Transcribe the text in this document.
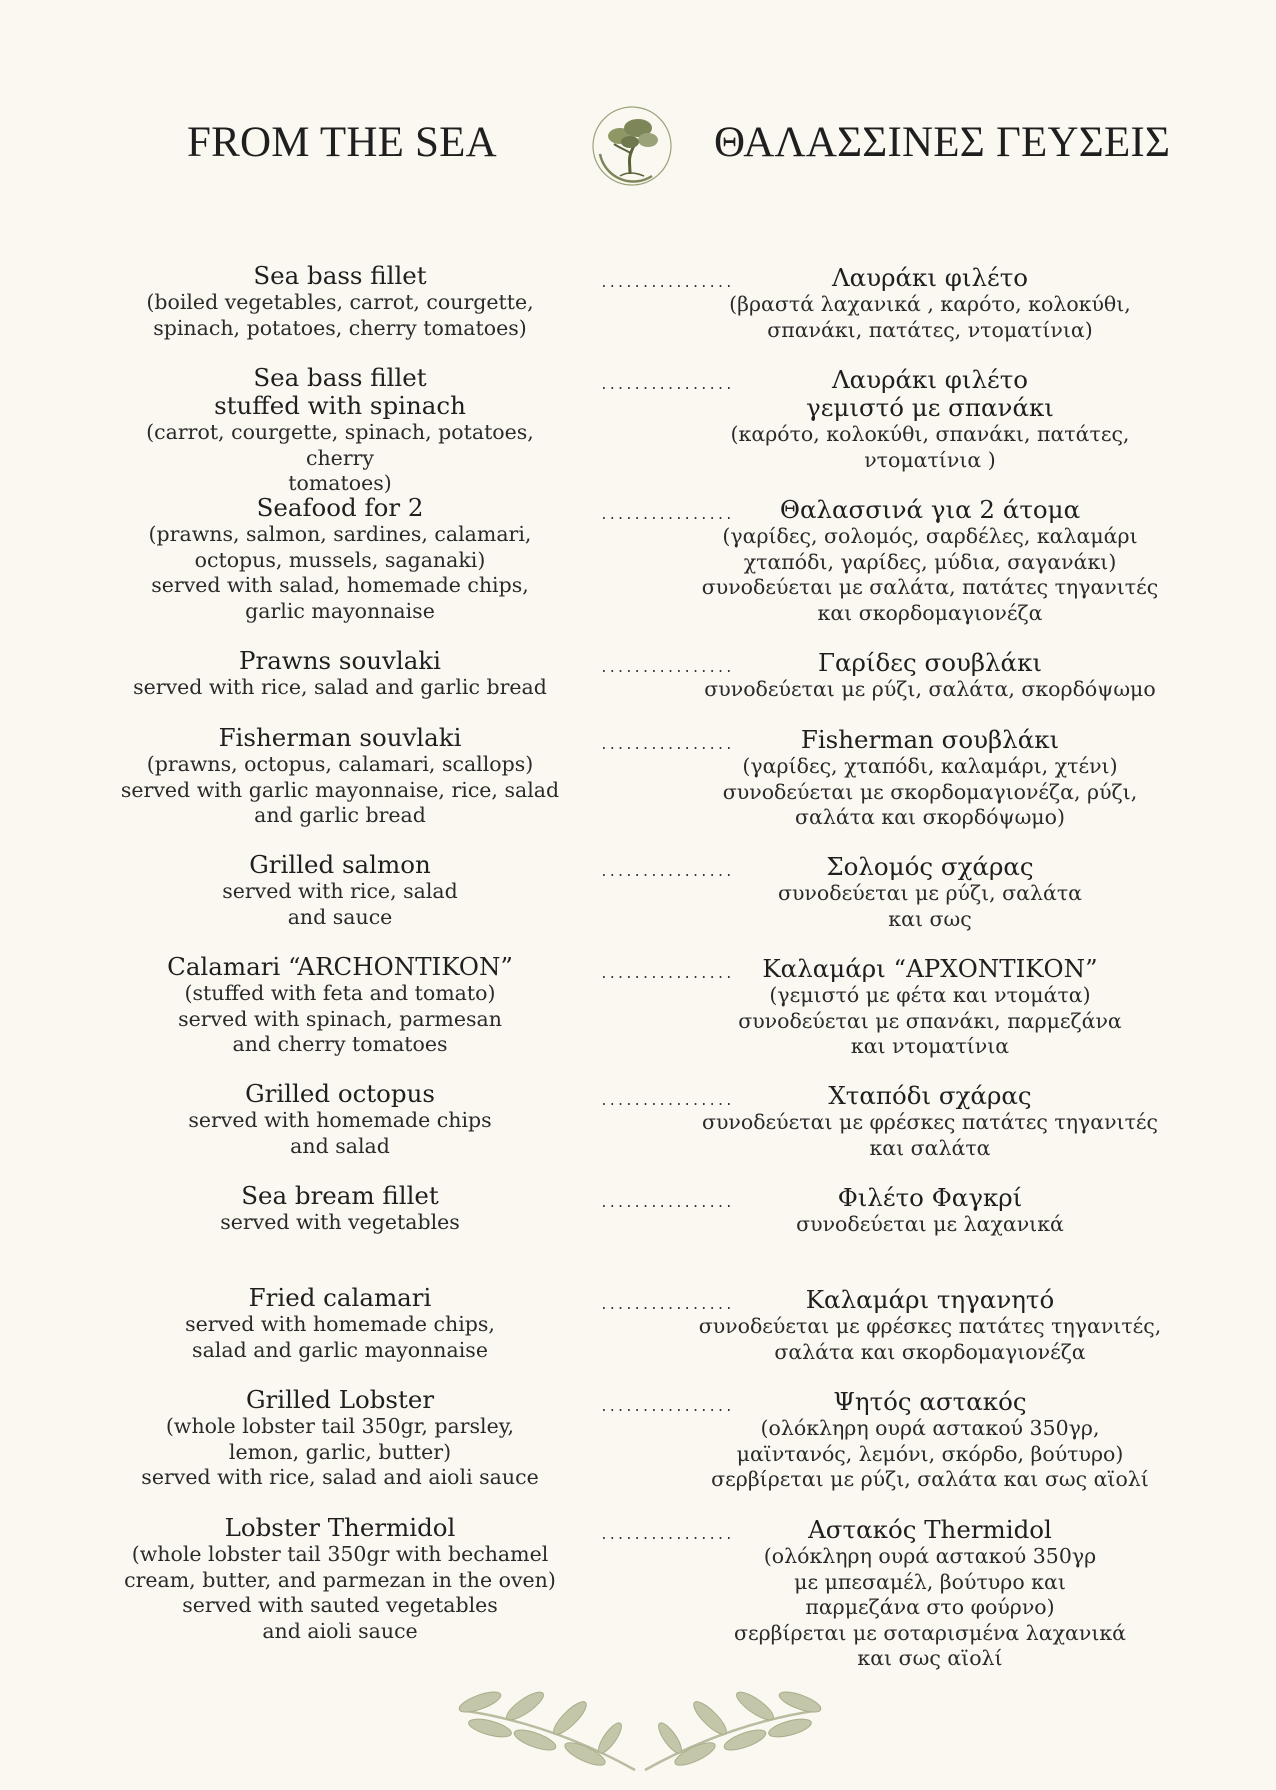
FROM THE SEA	ΘΑΛΑΣΣΙΝΕΣ ΓΕΥΣΕΙΣ
Sea bass fillet
(boiled vegetables, carrot, courgette,
spinach, potatoes, cherry tomatoes)
Sea bass fillet
stuffed with spinach
(carrot, courgette, spinach, potatoes, cherry
tomatoes)
Seafood for 2
(prawns, salmon, sardines, calamari,
octopus, mussels, saganaki)
served with salad, homemade chips,
garlic mayonnaise
Prawns souvlaki
served with rice, salad and garlic bread
Fisherman souvlaki
(prawns, octopus, calamari, scallops)
served with garlic mayonnaise, rice, salad
and garlic bread
Grilled salmon
served with rice, salad
and sauce
Calamari “ARCHONTIKON”
(stuffed with feta and tomato)
served with spinach, parmesan
and cherry tomatoes
Grilled octopus
served with homemade chips
and salad
Sea bream fillet
served with vegetables
Fried calamari
served with homemade chips,
salad and garlic mayonnaise
Grilled Lobster
(whole lobster tail 350gr, parsley,
lemon, garlic, butter)
served with rice, salad and aioli sauce
Lobster Thermidol
(whole lobster tail 350gr with bechamel
cream, butter, and parmezan in the oven)
served with sauted vegetables
and aioli sauce
................
................
................
................
................
................
................
................
................
................
................
................
Λαυράκι φιλέτο
(βραστά λαχανικά , καρότο, κολοκύθι,
σπανάκι, πατάτες, ντοματίνια)
Λαυράκι φιλέτο
γεμιστό με σπανάκι
(καρότο, κολοκύθι, σπανάκι, πατάτες,
ντοματίνια )
Θαλασσινά για 2 άτομα
(γαρίδες, σολομός, σαρδέλες, καλαμάρι
χταπόδι, γαρίδες, μύδια, σαγανάκι)
συνοδεύεται με σαλάτα, πατάτες τηγανιτές
και σκορδομαγιονέζα
Γαρίδες σουβλάκι
συνοδεύεται με ρύζι, σαλάτα, σκορδόψωμο
Fisherman σουβλάκι
(γαρίδες, χταπόδι, καλαμάρι, χτένι)
συνοδεύεται με σκορδομαγιονέζα, ρύζι,
σαλάτα και σκορδόψωμο)
Σολομός σχάρας
συνοδεύεται με ρύζι, σαλάτα
και σως
Καλαμάρι “ΑΡΧΟΝΤΙΚΟΝ”
(γεμιστό με φέτα και ντομάτα)
συνοδεύεται με σπανάκι, παρμεζάνα
και ντοματίνια
Χταπόδι σχάρας
συνοδεύεται με φρέσκες πατάτες τηγανιτές
και σαλάτα
Φιλέτο Φαγκρί
συνοδεύεται με λαχανικά
Καλαμάρι τηγανητό
συνοδεύεται με φρέσκες πατάτες τηγανιτές,
σαλάτα και σκορδομαγιονέζα
Ψητός αστακός
(ολόκληρη ουρά αστακού 350γρ,
μαϊντανός, λεμόνι, σκόρδο, βούτυρο)
σερβίρεται με ρύζι, σαλάτα και σως αϊολί
Αστακός Thermidol
(ολόκληρη ουρά αστακού 350γρ
με μπεσαμέλ, βούτυρο και
παρμεζάνα στο φούρνο)
σερβίρεται με σοταρισμένα λαχανικά
και σως αϊολί
